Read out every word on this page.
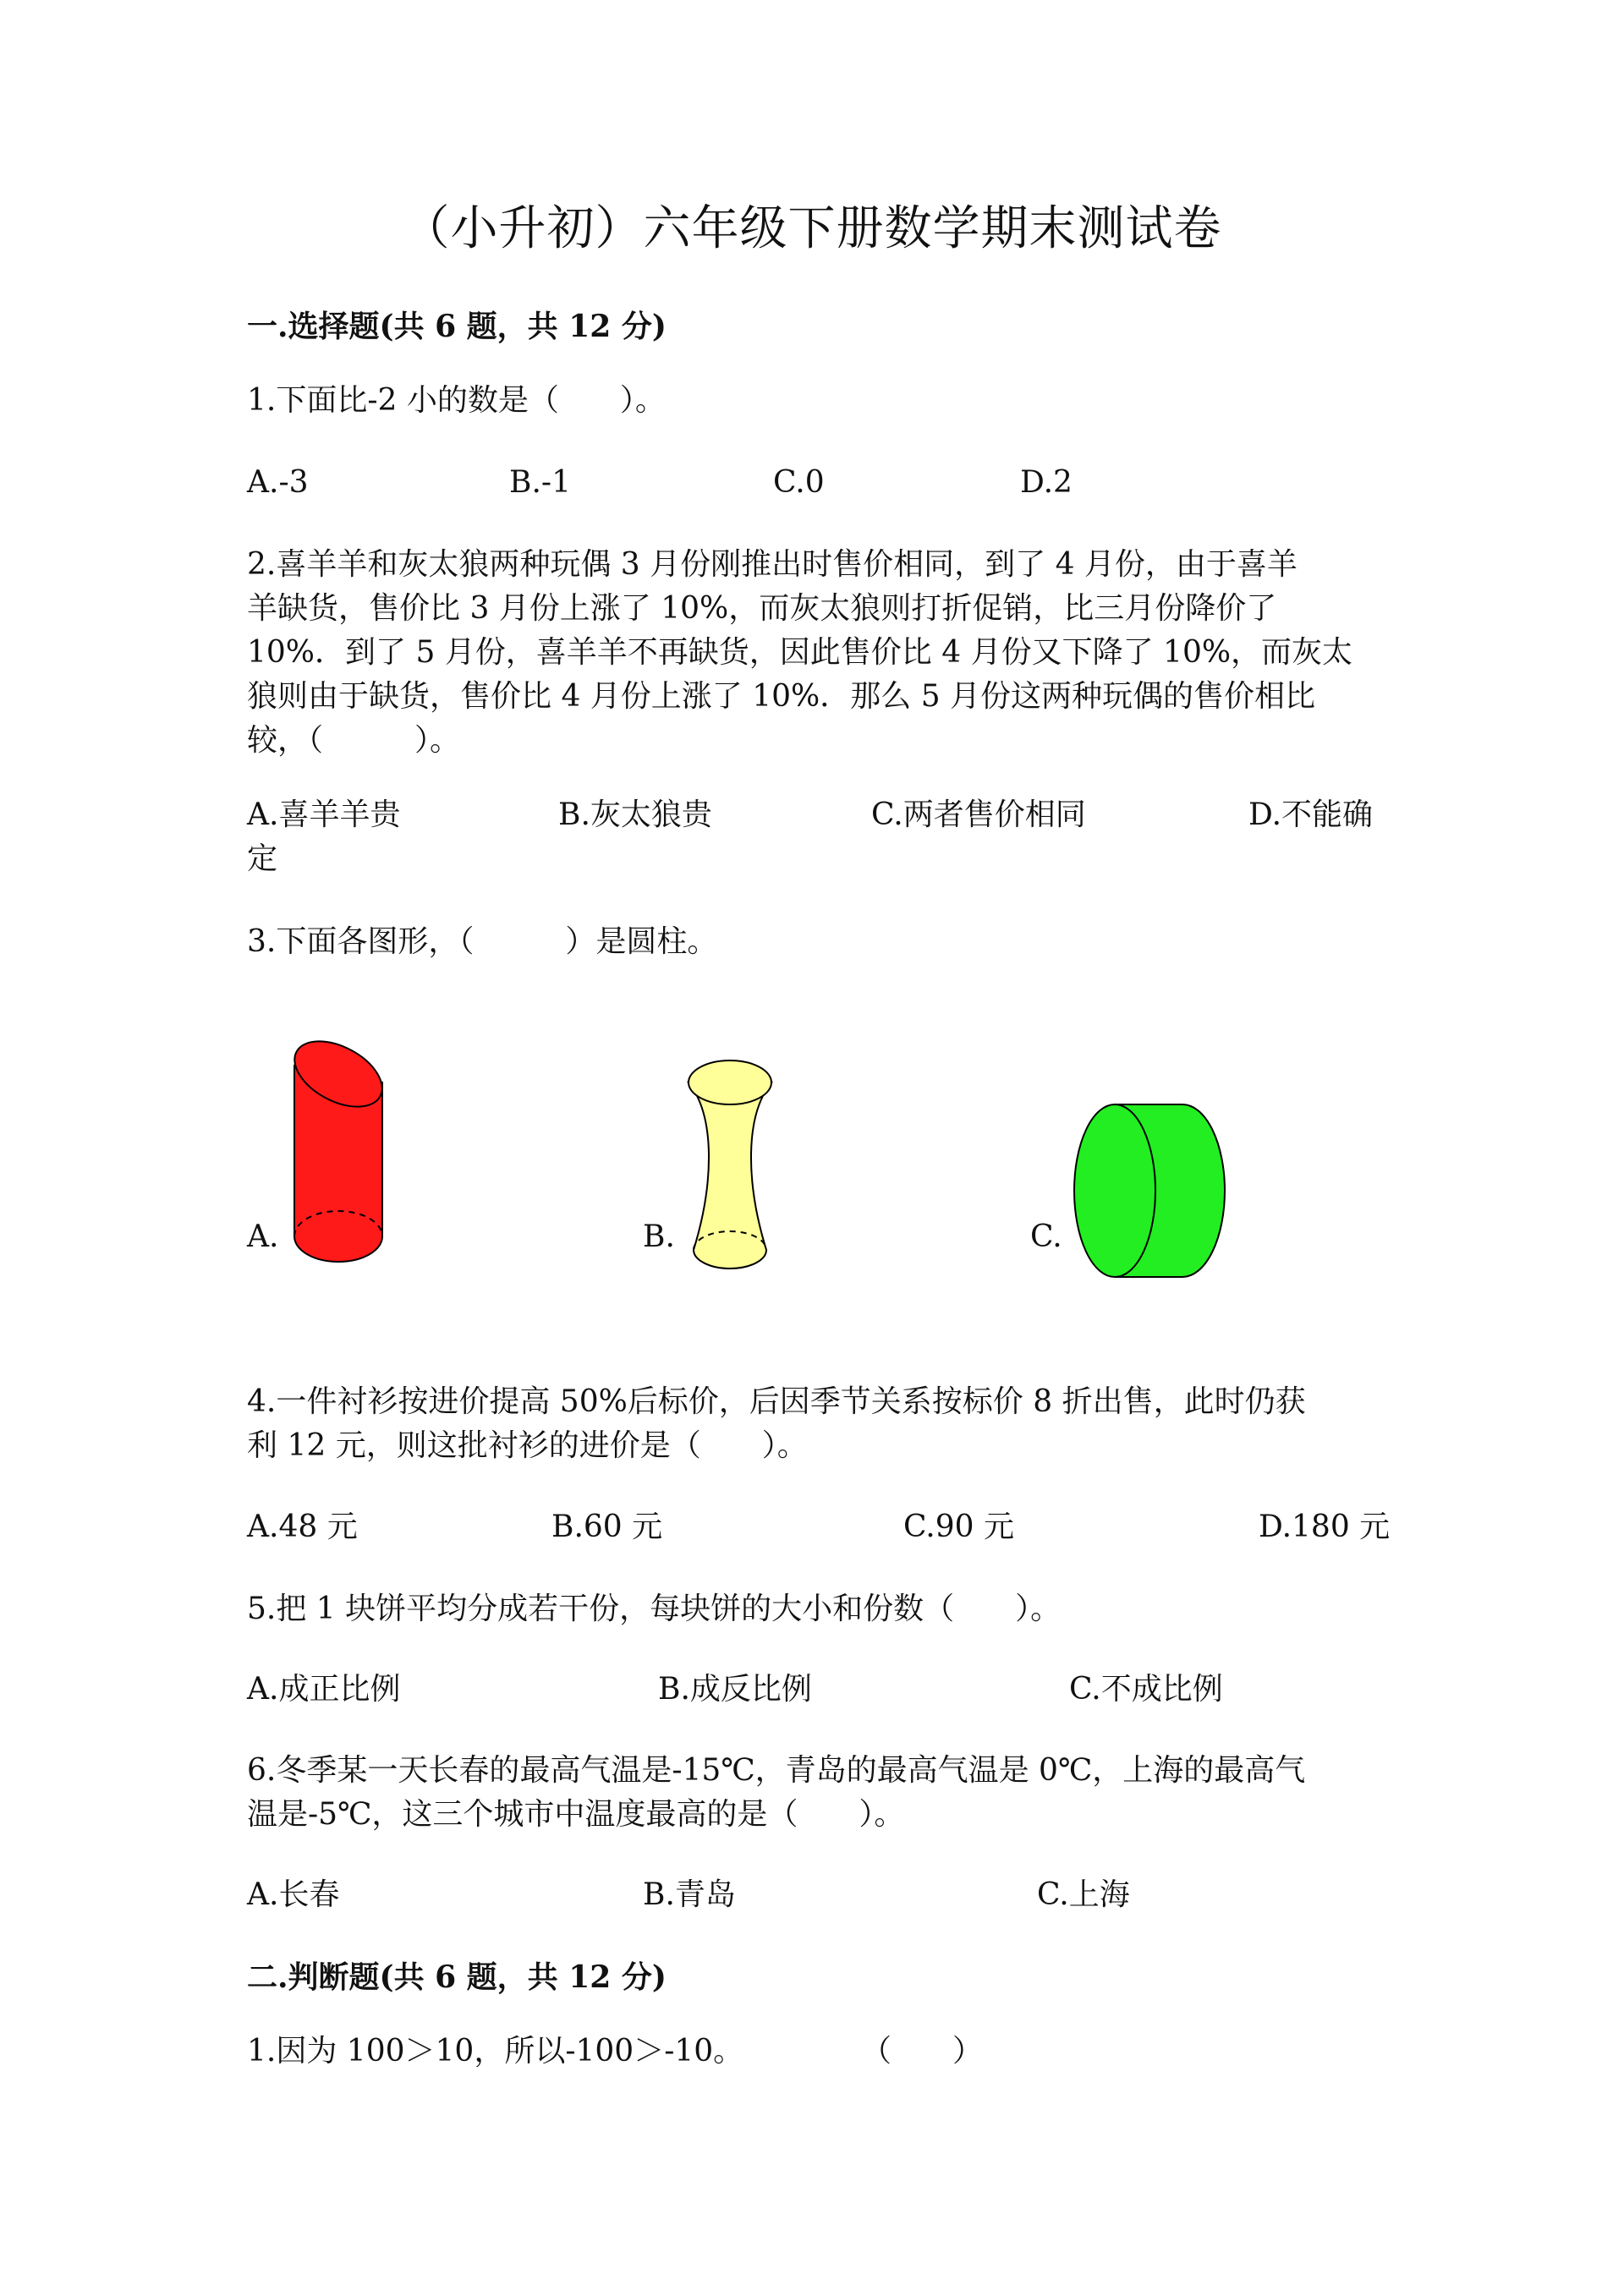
（小升初）六年级下册数学期末测试卷

一.选择题(共 6 题，共 12 分)

1.下面比-2 小的数是（　　）。

A.-3	B.-1	C.0	D.2
2.喜羊羊和灰太狼两种玩偶 3 月份刚推出时售价相同，到了 4 月份，由于喜羊
羊缺货，售价比 3 月份上涨了 10%，而灰太狼则打折促销，比三月份降价了
10%．到了 5 月份，喜羊羊不再缺货，因此售价比 4 月份又下降了 10%，而灰太
狼则由于缺货，售价比 4 月份上涨了 10%．那么 5 月份这两种玩偶的售价相比
较，（　　　）。
A.喜羊羊贵	B.灰太狼贵	C.两者售价相同	D.不能确
定

3.下面各图形，（　　　）是圆柱。

A.	B.	C.
4.一件衬衫按进价提高 50%后标价，后因季节关系按标价 8 折出售，此时仍获
利 12 元，则这批衬衫的进价是（　　）。
A.48 元	B.60 元	C.90 元	D.180 元

5.把 1 块饼平均分成若干份，每块饼的大小和份数（　　）。

A.成正比例	B.成反比例	C.不成比例
6.冬季某一天长春的最高气温是-15℃，青岛的最高气温是 0℃，上海的最高气
温是-5℃，这三个城市中温度最高的是（　　）。
A.长春	B.青岛	C.上海

二.判断题(共 6 题，共 12 分)

1.因为 100＞10，所以-100＞-10。	（　　）
